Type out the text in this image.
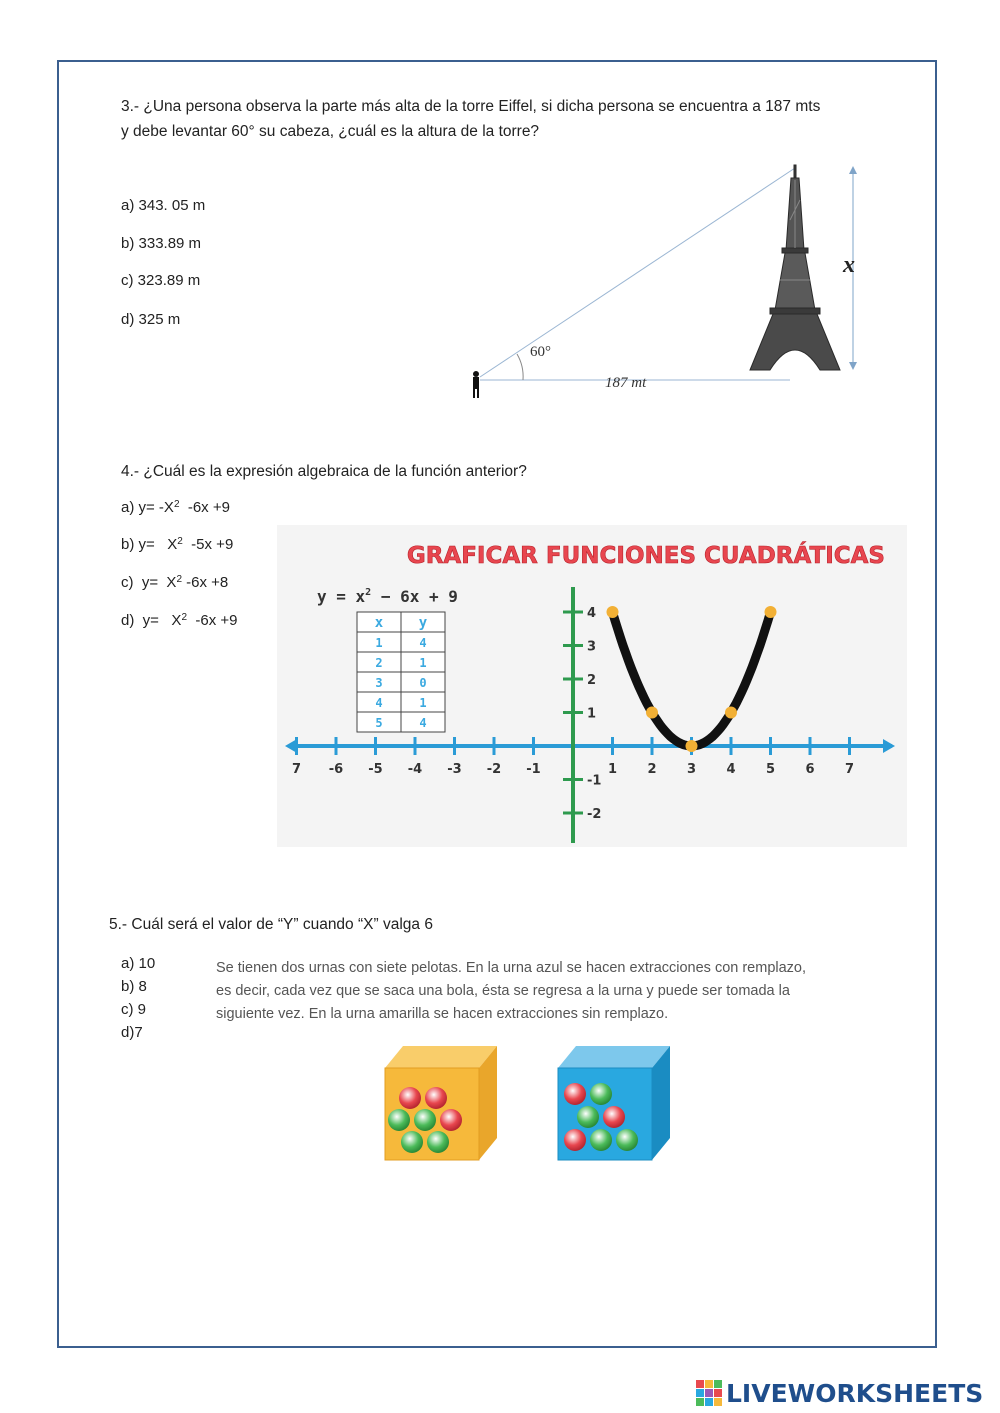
3.- ¿Una persona observa la parte más alta de la torre Eiffel, si dicha persona se encuentra a 187 mts
y debe levantar 60° su cabeza, ¿cuál es la altura de la torre?
a) 343. 05 m
b) 333.89 m
c) 323.89 m
d) 325 m
60°
187 mt
x
4.- ¿Cuál es la expresión algebraica de la función anterior?
a) $y= -X^2$  -6x +9
b) $y= X^2$  -5x +9
c)  $y= X^2$ -6x +8
d)  $y= X^2$  -6x +9
GRAFICAR FUNCIONES CUADRÁTICAS
$y = x^2 - 6x + 9$
x	y
1	4
2	1
3	0
4	1
5	4
7 -6 -5 -4 -3 -2 -1	1 2 3 4 5 6 7
4
3
2
1
-1
-2
5.- Cuál será el valor de “Y” cuando “X” valga 6
a) 10
b) 8
c) 9
d)7
Se tienen dos urnas con siete pelotas. En la urna azul se hacen extracciones con remplazo,
es decir, cada vez que se saca una bola, ésta se regresa a la urna y puede ser tomada la
siguiente vez. En la urna amarilla se hacen extracciones sin remplazo.
LIVEWORKSHEETS
